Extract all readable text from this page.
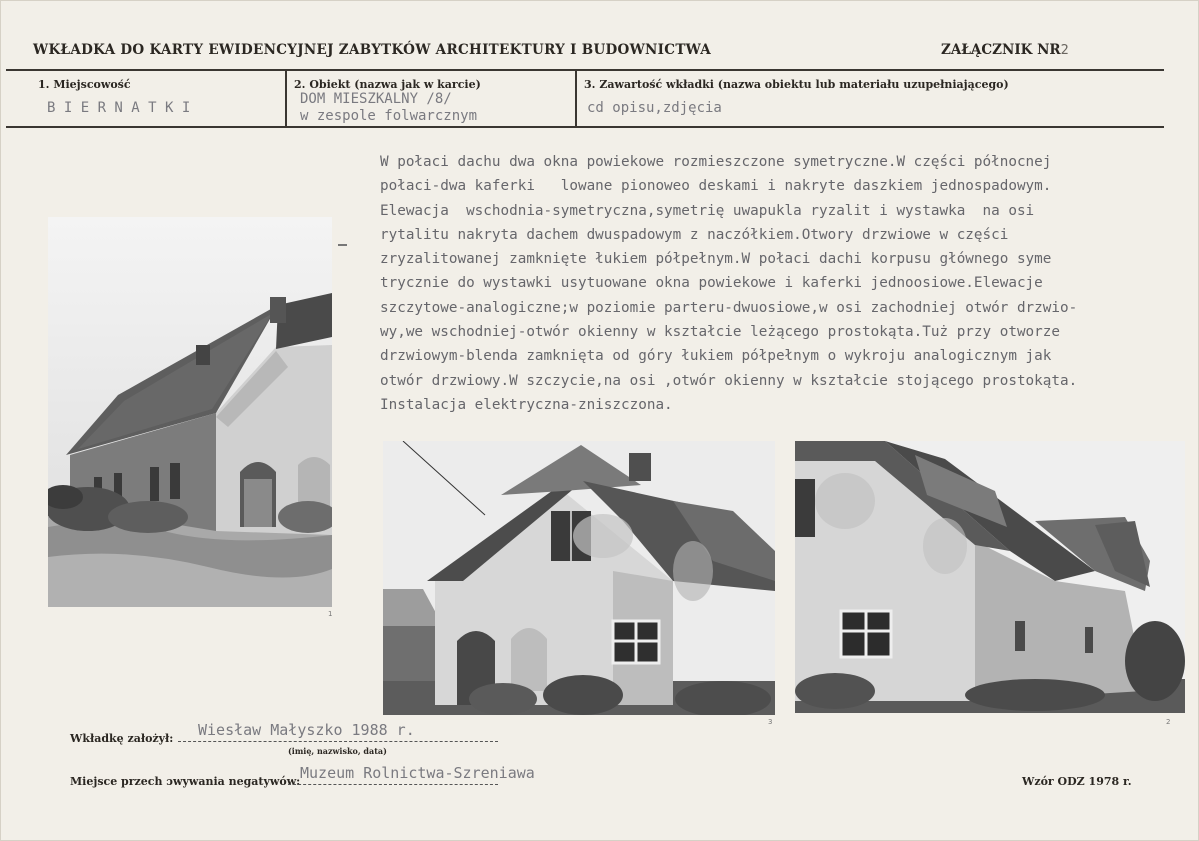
WKŁADKA DO KARTY EWIDENCYJNEJ ZABYTKÓW ARCHITEKTURY I BUDOWNICTWA	ZAŁĄCZNIK NR2
1. Miejscowość
B I E R N A T K I
2. Obiekt (nazwa jak w karcie)
DOM MIESZKALNY /8/
w zespole folwarcznym
3. Zawartość wkładki (nazwa obiektu lub materiału uzupełniającego)
cd opisu,zdjęcia
W połaci dachu dwa okna powiekowe rozmieszczone symetryczne.W części północnej
połaci-dwa kaferki   lowane pionoweo deskami i nakryte daszkiem jednospadowym.
Elewacja  wschodnia-symetryczna,symetrię uwapukla ryzalit i wystawka  na osi
rytalitu nakryta dachem dwuspadowym z naczółkiem.Otwory drzwiowe w części
zryzalitowanej zamknięte łukiem półpełnym.W połaci dachi korpusu głównego syme
trycznie do wystawki usytuowane okna powiekowe i kaferki jednoosiowe.Elewacje
szczytowe-analogiczne;w poziomie parteru-dwuosiowe,w osi zachodniej otwór drzwio-
wy,we wschodniej-otwór okienny w kształcie leżącego prostokąta.Tuż przy otworze
drzwiowym-blenda zamknięta od góry łukiem półpełnym o wykroju analogicznym jak
otwór drzwiowy.W szczycie,na osi ,otwór okienny w kształcie stojącego prostokąta.
Instalacja elektryczna-zniszczona.
1
3	2
Wkładkę założył: Wiesław Małyszko 1988 r.
(imię, nazwisko, data)
Miejsce przech ɔwywania negatywów: Muzeum Rolnictwa-Szreniawa	Wzór ODZ 1978 r.
